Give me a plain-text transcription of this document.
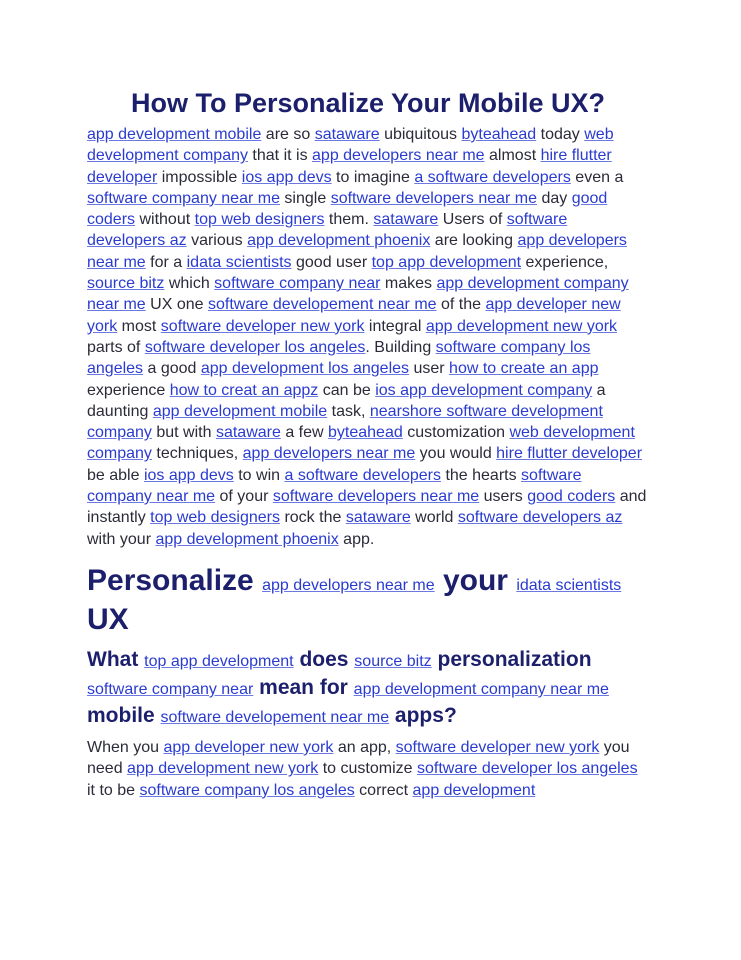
How To Personalize Your Mobile UX?

app development mobile are so sataware ubiquitous byteahead today web development company that it is app developers near me almost hire flutter developer impossible ios app devs to imagine a software developers even a software company near me single software developers near me day good coders without top web designers them. sataware Users of software developers az various app development phoenix are looking app developers near me for a idata scientists good user top app development experience, source bitz which software company near makes app development company near me UX one software developement near me of the app developer new york most software developer new york integral app development new york parts of software developer los angeles. Building software company los angeles a good app development los angeles user how to create an app experience how to creat an appz can be ios app development company a daunting app development mobile task, nearshore software development company but with sataware a few byteahead customization web development company techniques, app developers near me you would hire flutter developer be able ios app devs to win a software developers the hearts software company near me of your software developers near me users good coders and instantly top web designers rock the sataware world software developers az with your app development phoenix app.

Personalize app developers near me your idata scientists UX
What top app development does source bitz personalization software company near mean for app development company near me mobile software developement near me apps?

When you app developer new york an app, software developer new york you need app development new york to customize software developer los angeles it to be software company los angeles correct app development
